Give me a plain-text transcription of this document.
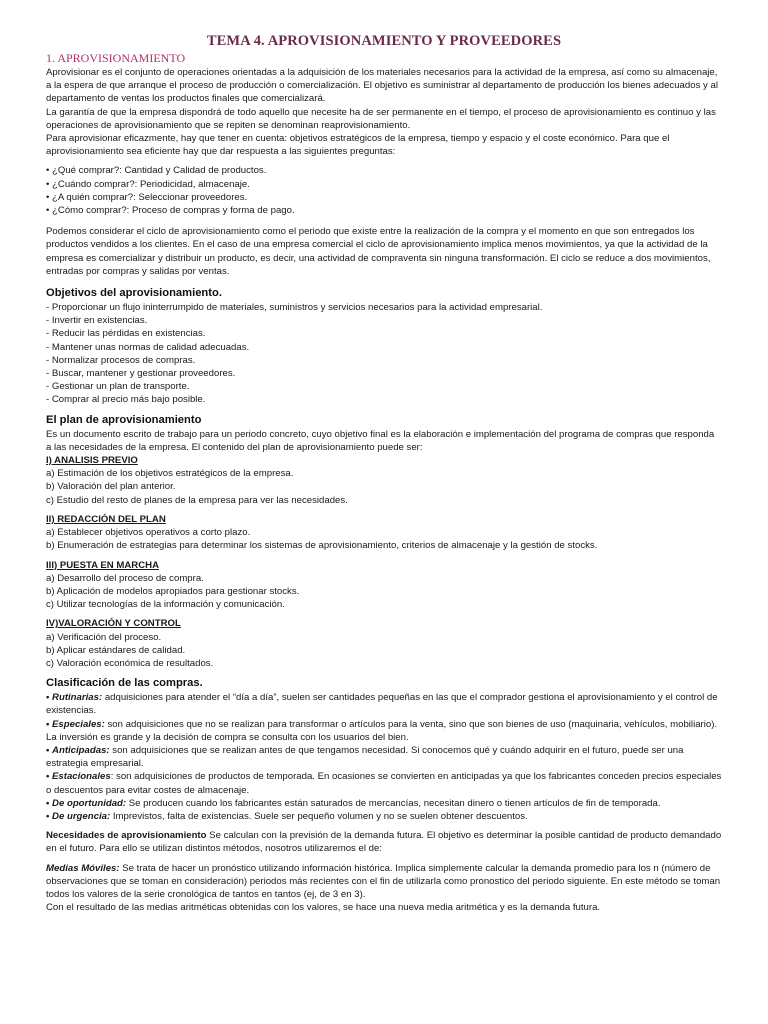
TEMA 4. APROVISIONAMIENTO Y PROVEEDORES
1. APROVISIONAMIENTO

Aprovisionar es el conjunto de operaciones orientadas a la adquisición de los materiales necesarios para la actividad de la empresa, así como su almacenaje, a la espera de que arranque el proceso de producción o comercialización. El objetivo es suministrar al departamento de producción los bienes adecuados y al departamento de ventas los productos finales que comercializará.

La garantía de que la empresa dispondrá de todo aquello que necesite ha de ser permanente en el tiempo, el proceso de aprovisionamiento es continuo y las operaciones de aprovisionamiento que se repiten se denominan reaprovisionamiento.

Para aprovisionar eficazmente, hay que tener en cuenta: objetivos estratégicos de la empresa, tiempo y espacio y el coste económico. Para que el aprovisionamiento sea eficiente hay que dar respuesta a las siguientes preguntas:

• ¿Qué comprar?: Cantidad y Calidad de productos.
• ¿Cuándo comprar?: Periodicidad, almacenaje.
• ¿A quién comprar?: Seleccionar proveedores.
• ¿Cómo comprar?: Proceso de compras y forma de pago.

Podemos considerar el ciclo de aprovisionamiento como el periodo que existe entre la realización de la compra y el momento en que son entregados los productos vendidos a los clientes. En el caso de una empresa comercial el ciclo de aprovisionamiento implica menos movimientos, ya que la actividad de la empresa es comercializar y distribuir un producto, es decir, una actividad de compraventa sin ninguna transformación. El ciclo se reduce a dos movimientos, entradas por compras y salidas por ventas.

Objetivos del aprovisionamiento.
- Proporcionar un flujo ininterrumpido de materiales, suministros y servicios necesarios para la actividad empresarial.
- Invertir en existencias.
- Reducir las pérdidas en existencias.
- Mantener unas normas de calidad adecuadas.
- Normalizar procesos de compras.
- Buscar, mantener y gestionar proveedores.
- Gestionar un plan de transporte.
- Comprar al precio más bajo posible.
El plan de aprovisionamiento

Es un documento escrito de trabajo para un periodo concreto, cuyo objetivo final es la elaboración e implementación del programa de compras que responda a las necesidades de la empresa. El contenido del plan de aprovisionamiento puede ser:

I) ANALISIS PREVIO
a) Estimación de los objetivos estratégicos de la empresa.
b) Valoración del plan anterior.
c) Estudio del resto de planes de la empresa para ver las necesidades.
II) REDACCIÓN DEL PLAN
a) Establecer objetivos operativos a corto plazo.
b) Enumeración de estrategias para determinar los sistemas de aprovisionamiento, criterios de almacenaje y la gestión de stocks.
III) PUESTA EN MARCHA
a) Desarrollo del proceso de compra.
b) Aplicación de modelos apropiados para gestionar stocks.
c) Utilizar tecnologías de la información y comunicación.
IV)VALORACIÓN Y CONTROL
a) Verificación del proceso.
b) Aplicar estándares de calidad.
c) Valoración económica de resultados.
Clasificación de las compras.

• Rutinarias: adquisiciones para atender el “día a día”, suelen ser cantidades pequeñas en las que el comprador gestiona el aprovisionamiento y el control de existencias.

• Especiales: son adquisiciones que no se realizan para transformar o artículos para la venta, sino que son bienes de uso (maquinaria, vehículos, mobiliario). La inversión es grande y la decisión de compra se consulta con los usuarios del bien.

• Anticipadas: son adquisiciones que se realizan antes de que tengamos necesidad. Si conocemos qué y cuándo adquirir en el futuro, puede ser una estrategia empresarial.

• Estacionales: son adquisiciones de productos de temporada. En ocasiones se convierten en anticipadas ya que los fabricantes conceden precios especiales o descuentos para evitar costes de almacenaje.

• De oportunidad: Se producen cuando los fabricantes están saturados de mercancías, necesitan dinero o tienen artículos de fin de temporada.

• De urgencia: Imprevistos, falta de existencias. Suele ser pequeño volumen y no se suelen obtener descuentos.

Necesidades de aprovisionamiento Se calculan con la previsión de la demanda futura. El objetivo es determinar la posible cantidad de producto demandado en el futuro. Para ello se utilizan distintos métodos, nosotros utilizaremos el de:

Medias Móviles: Se trata de hacer un pronóstico utilizando información histórica. Implica simplemente calcular la demanda promedio para los n (número de observaciones que se toman en consideración) periodos más recientes con el fin de utilizarla como pronostico del periodo siguiente. En este método se toman todos los valores de la serie cronológica de tantos en tantos (ej, de 3 en 3).

Con el resultado de las medias aritméticas obtenidas con los valores, se hace una nueva media aritmética y es la demanda futura.
